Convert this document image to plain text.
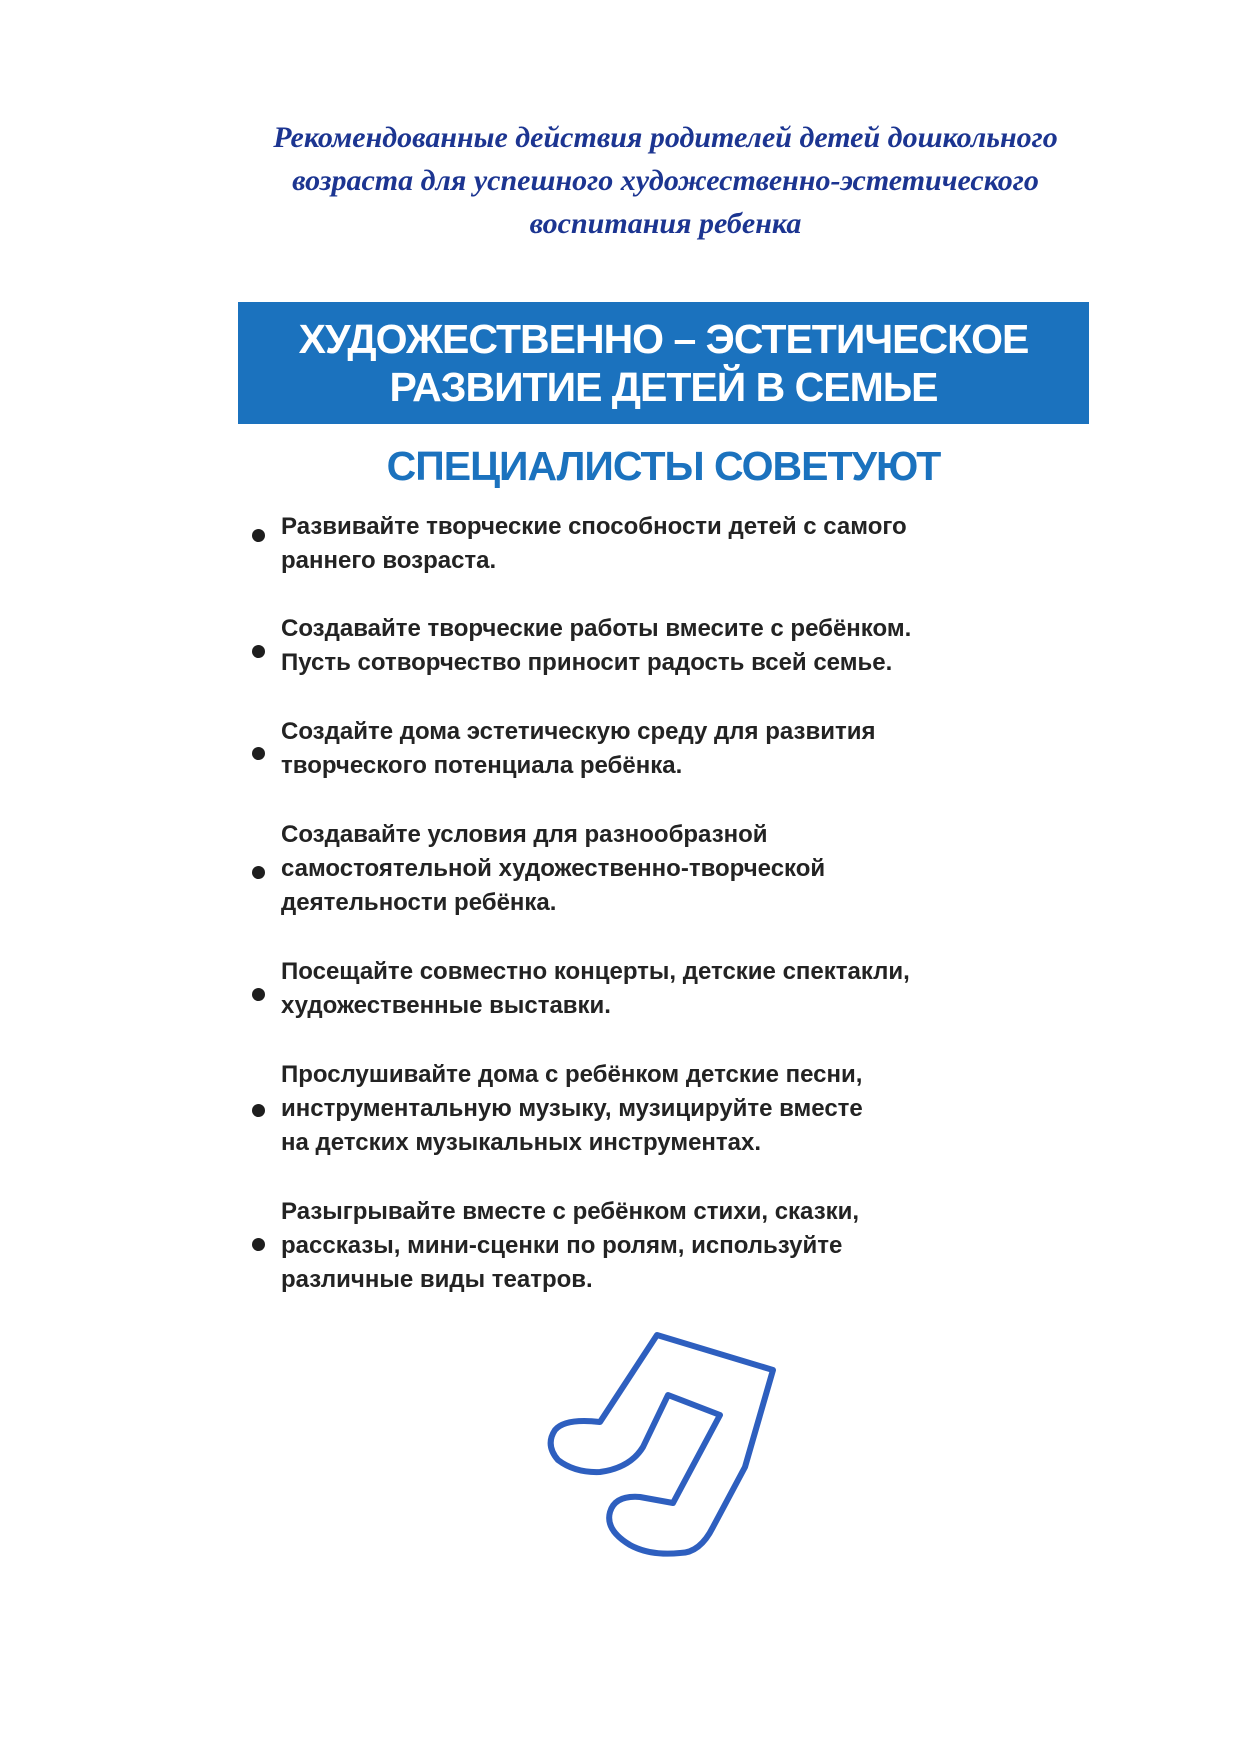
Рекомендованные действия родителей детей дошкольного
возраста для успешного художественно-эстетического
воспитания ребенка
ХУДОЖЕСТВЕННО – ЭСТЕТИЧЕСКОЕ
РАЗВИТИЕ ДЕТЕЙ В СЕМЬЕ
СПЕЦИАЛИСТЫ СОВЕТУЮТ
Развивайте творческие способности детей с самого
раннего возраста.
Создавайте творческие работы вмесите с ребёнком.
Пусть сотворчество приносит радость всей семье.
Создайте дома эстетическую среду для развития
творческого потенциала ребёнка.
Создавайте условия для разнообразной
самостоятельной художественно-творческой
деятельности ребёнка.
Посещайте совместно концерты, детские спектакли,
художественные выставки.
Прослушивайте дома с ребёнком детские песни,
инструментальную музыку, музицируйте вместе
на детских музыкальных инструментах.
Разыгрывайте вместе с ребёнком стихи, сказки,
рассказы, мини-сценки по ролям, используйте
различные виды театров.
